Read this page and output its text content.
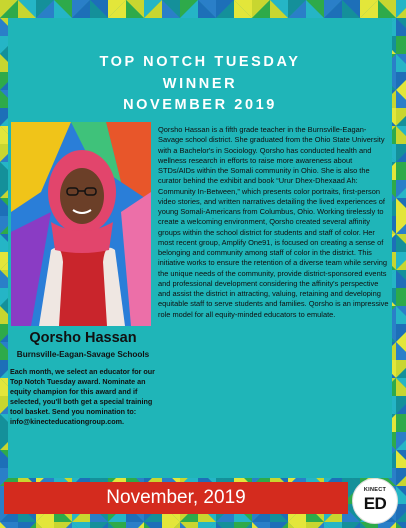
TOP NOTCH TUESDAY
WINNER
NOVEMBER 2019
Qorsho Hassan
Burnsville-Eagan-Savage Schools
Each month, we select an educator for our Top Notch Tuesday award. Nominate an equity champion for this award and if selected, you'll both get a special training tool basket. Send you nomination to: info@kinecteducationgroup.com.
Qorsho Hassan is a fifth grade teacher in the Burnsville-Eagan-Savage school district. She graduated from the Ohio State University with a Bachelor's in Sociology. Qorsho has conducted health and wellness research in efforts to raise more awareness about STDs/AIDs within the Somali community in Ohio. She is also the curator behind the exhibit and book “Urur Dhex-Dhexaad Ah: Community In-Between,” which presents color portraits, first-person video stories, and written narratives detailing the lived experiences of young Somali-Americans from Columbus, Ohio. Working tirelessly to create a welcoming environment, Qorsho created several affinity groups within the school district for students and staff of color. Her most recent group, Amplify One91, is focused on creating a sense of belonging and community among staff of color in the district. This initiative works to ensure the retention of a diverse team while serving the unique needs of the community, provide district-sponsored events and professional development considering the affinity's perspective and assist the district in attracting, valuing, retaining and developing equitable staff to serve students and families. Qorsho is an impressive role model for all equity-minded educators to emulate.
November, 2019	KINECT
ED
